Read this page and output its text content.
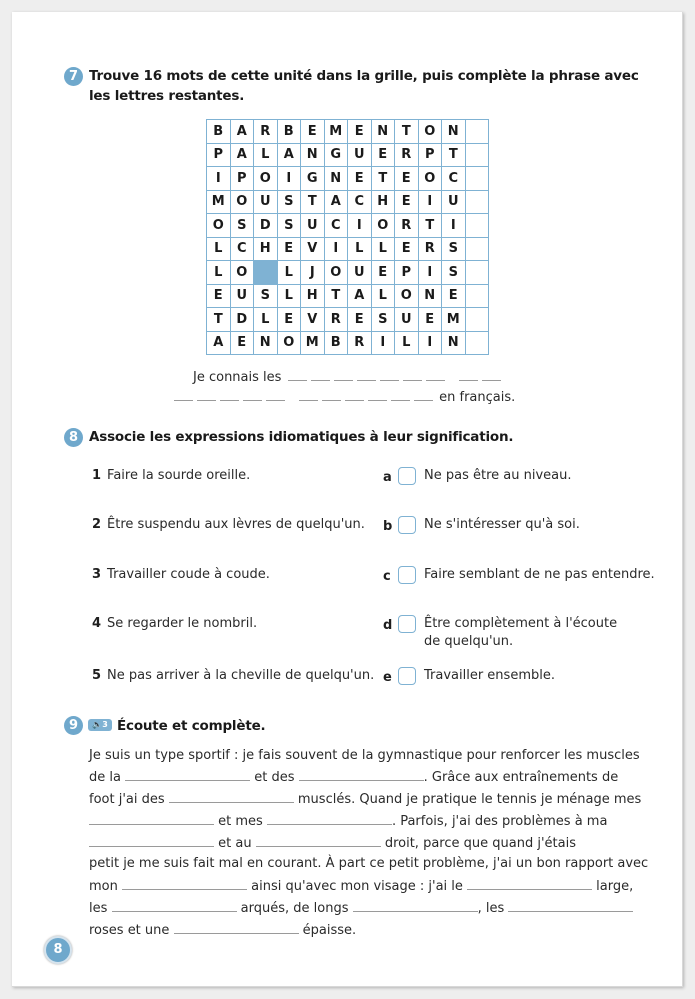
7 Trouve 16 mots de cette unité dans la grille, puis complète la phrase avec
les lettres restantes.
B	A	R	B	E	M	E	N	T	O	N	
P	A	L	A	N	G	U	E	R	P	T	
I	P	O	I	G	N	E	T	E	O	C	
M	O	U	S	T	A	C	H	E	I	U	
O	S	D	S	U	C	I	O	R	T	I	
L	C	H	E	V	I	L	L	E	R	S	
L	O		L	J	O	U	E	P	I	S	
E	U	S	L	H	T	A	L	O	N	E	
T	D	L	E	V	R	E	S	U	E	M	
A	E	N	O	M	B	R	I	L	I	N	
Je connais les
en français.
8 Associe les expressions idiomatiques à leur signification.
1 Faire la sourde oreille.
2 Être suspendu aux lèvres de quelqu'un.
3 Travailler coude à coude.
4 Se regarder le nombril.
5 Ne pas arriver à la cheville de quelqu'un.
a Ne pas être au niveau.
b Ne s'intéresser qu'à soi.
c	Faire semblant de ne pas entendre.
d Être complètement à l'écoute
de quelqu'un.
e Travailler ensemble.
9	🔈3 Écoute et complète.
Je suis un type sportif : je fais souvent de la gymnastique pour renforcer les muscles
de la	et des	. Grâce aux entraînements de
foot j'ai des	musclés. Quand je pratique le tennis je ménage mes
et mes	. Parfois, j'ai des problèmes à ma
et au	droit, parce que quand j'étais
petit je me suis fait mal en courant. À part ce petit problème, j'ai un bon rapport avec
mon	ainsi qu'avec mon visage : j'ai le	large,
les	arqués, de longs	, les
roses et une	épaisse.
8
